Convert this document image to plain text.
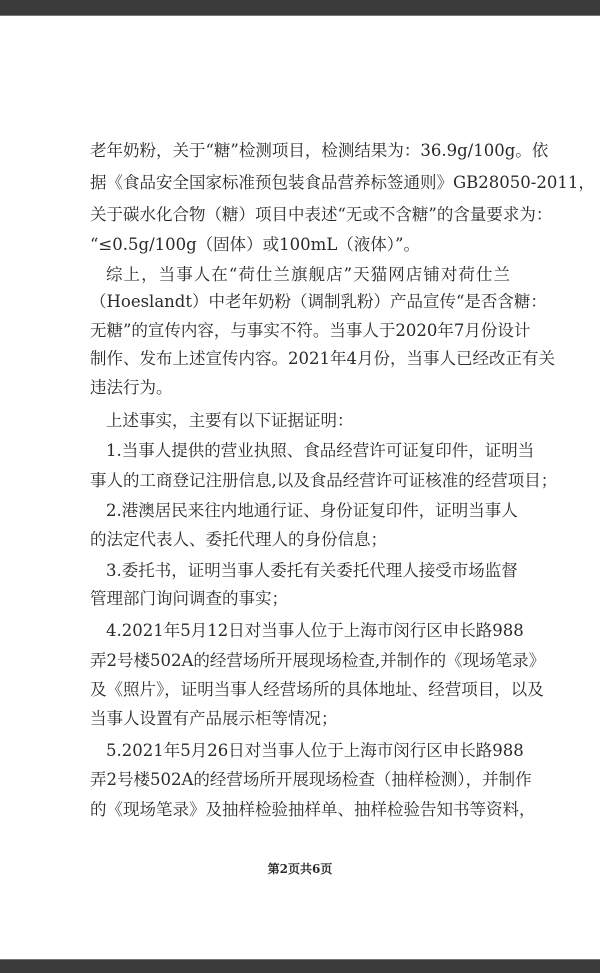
老年奶粉，关于“糖”检测项目，检测结果为：36.9g/100g。依
据《食品安全国家标准预包装食品营养标签通则》GB28050-2011，
关于碳水化合物（糖）项目中表述“无或不含糖”的含量要求为：
“≤0.5g/100g（固体）或100mL（液体）”。
综上，当事人在“荷仕兰旗舰店”天猫网店铺对荷仕兰
（Hoeslandt）中老年奶粉（调制乳粉）产品宣传“是否含糖：
无糖”的宣传内容，与事实不符。当事人于2020年7月份设计
制作、发布上述宣传内容。2021年4月份，当事人已经改正有关
违法行为。
上述事实，主要有以下证据证明：
1.当事人提供的营业执照、食品经营许可证复印件，证明当
事人的工商登记注册信息,以及食品经营许可证核准的经营项目；
2.港澳居民来往内地通行证、身份证复印件，证明当事人
的法定代表人、委托代理人的身份信息；
3.委托书，证明当事人委托有关委托代理人接受市场监督
管理部门询问调查的事实；
4.2021年5月12日对当事人位于上海市闵行区申长路988
弄2号楼502A的经营场所开展现场检查,并制作的《现场笔录》
及《照片》，证明当事人经营场所的具体地址、经营项目，以及
当事人设置有产品展示柜等情况；
5.2021年5月26日对当事人位于上海市闵行区申长路988
弄2号楼502A的经营场所开展现场检查（抽样检测），并制作
的《现场笔录》及抽样检验抽样单、抽样检验告知书等资料，
第2页共6页
